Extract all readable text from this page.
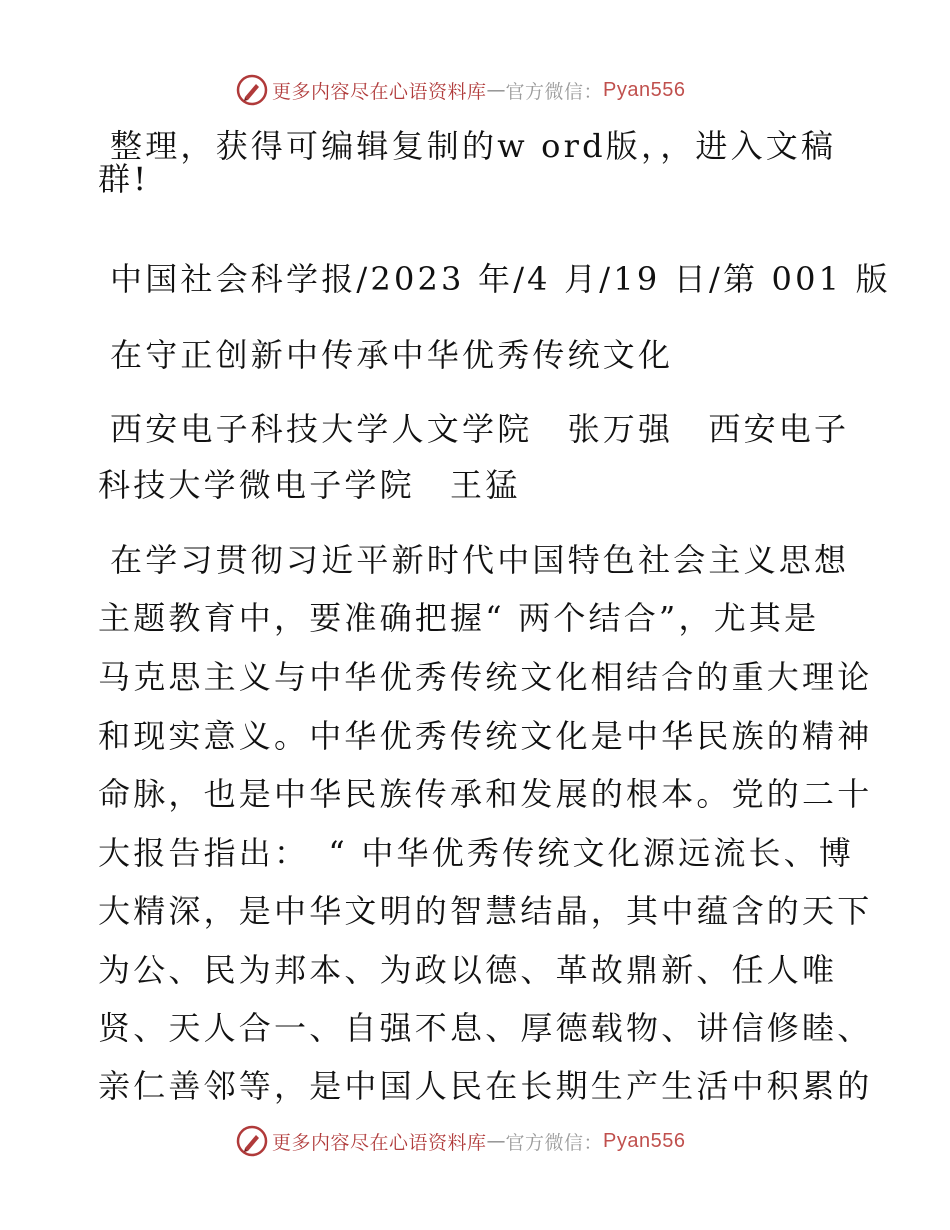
更多内容尽在心语资料库 — 官方微信： Pyan556
整理，获得可编辑复制的w ord版，，进入文稿
群!
中国社会科学报/2023 年/4 月/19 日/第 001 版
在守正创新中传承中华优秀传统文化
西安电子科技大学人文学院　张万强　西安电子
科技大学微电子学院　王猛
在学习贯彻习近平新时代中国特色社会主义思想
主题教育中，要准确把握“ 两个结合”，尤其是
马克思主义与中华优秀传统文化相结合的重大理论
和现实意义。中华优秀传统文化是中华民族的精神
命脉，也是中华民族传承和发展的根本。党的二十
大报告指出：　“ 中华优秀传统文化源远流长、博
大精深，是中华文明的智慧结晶，其中蕴含的天下
为公、民为邦本、为政以德、革故鼎新、任人唯
贤、天人合一、自强不息、厚德载物、讲信修睦、
亲仁善邻等，是中国人民在长期生产生活中积累的
更多内容尽在心语资料库 — 官方微信： Pyan556
